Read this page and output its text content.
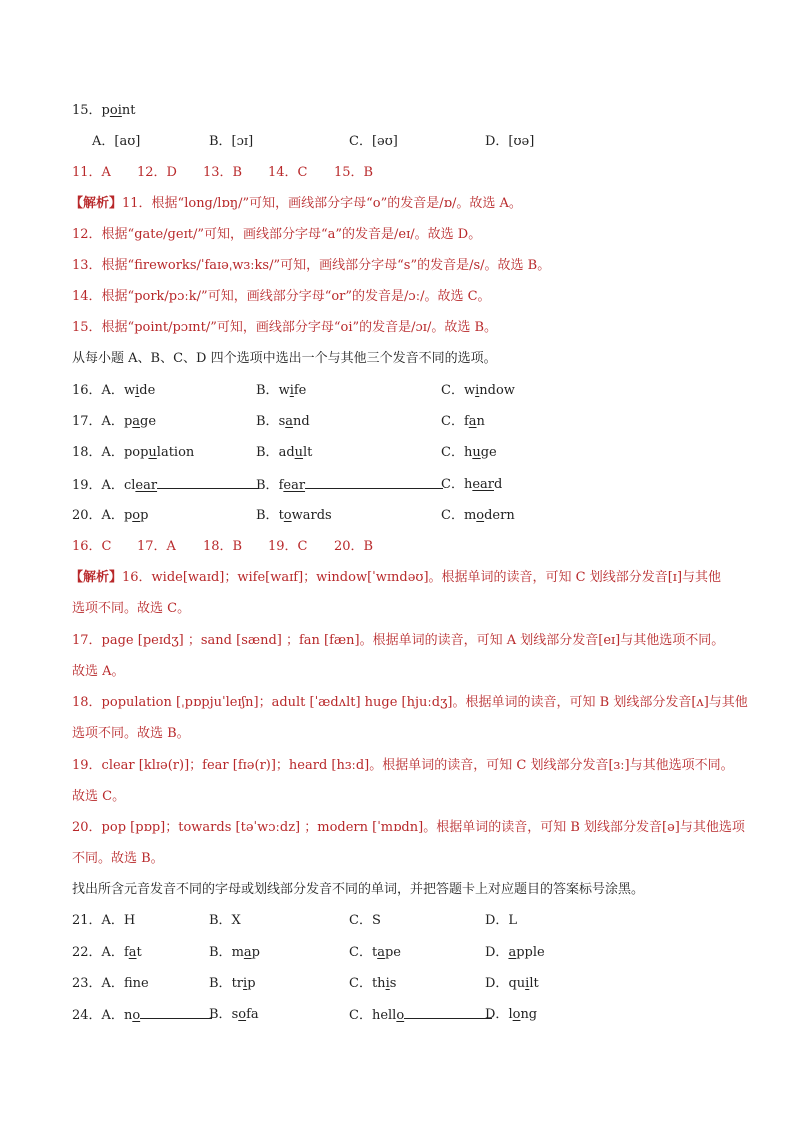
15．point
A．[aʊ]	B．[ɔɪ]	C．[əʊ]	D．[ʊə]
11．A 12．D 13．B 14．C 15．B
【解析】11．根据“long/lɒŋ/”可知，画线部分字母“o”的发音是/ɒ/。故选 A。
12．根据“gate/ɡeɪt/”可知，画线部分字母“a”的发音是/eɪ/。故选 D。
13．根据“fireworks/ˈfaɪəˌwɜːks/”可知，画线部分字母“s”的发音是/s/。故选 B。
14．根据“pork/pɔːk/”可知，画线部分字母“or”的发音是/ɔː/。故选 C。
15．根据“point/pɔɪnt/”可知，画线部分字母“oi”的发音是/ɔɪ/。故选 B。
从每小题 A、B、C、D 四个选项中选出一个与其他三个发音不同的选项。
16．A．wide	B．wife	C．window
17．A．page	B．sand	C．fan
18．A．population	B．adult	C．huge
19．A．clear	B．fear	C．heard
20．A．pop	B．towards	C．modern
16．C 17．A 18．B 19．C 20．B
【解析】16．wide[waɪd]；wife[waɪf]；window[ˈwɪndəʊ]。根据单词的读音，可知 C 划线部分发音[ɪ]与其他
选项不同。故选 C。
17．page [peɪdʒ] ；sand [sænd] ；fan [fæn]。根据单词的读音，可知 A 划线部分发音[eɪ]与其他选项不同。
故选 A。
18．population [ˌpɒpjuˈleɪʃn]；adult [ˈædʌlt] huge [hjuːdʒ]。根据单词的读音，可知 B 划线部分发音[ʌ]与其他
选项不同。故选 B。
19．clear [klɪə(r)]；fear [fɪə(r)]；heard [hɜːd]。根据单词的读音，可知 C 划线部分发音[ɜː]与其他选项不同。
故选 C。
20．pop [pɒp]；towards [təˈwɔːdz] ；modern [ˈmɒdn]。根据单词的读音，可知 B 划线部分发音[ə]与其他选项
不同。故选 B。
找出所含元音发音不同的字母或划线部分发音不同的单词，并把答题卡上对应题目的答案标号涂黑。
21．A．H	B．X	C．S	D．L
22．A．fat	B．map	C．tape	D．apple
23．A．fne	B．trip	C．this	D．quilt
24．A．no	B．sofa	C．hello	D．long
